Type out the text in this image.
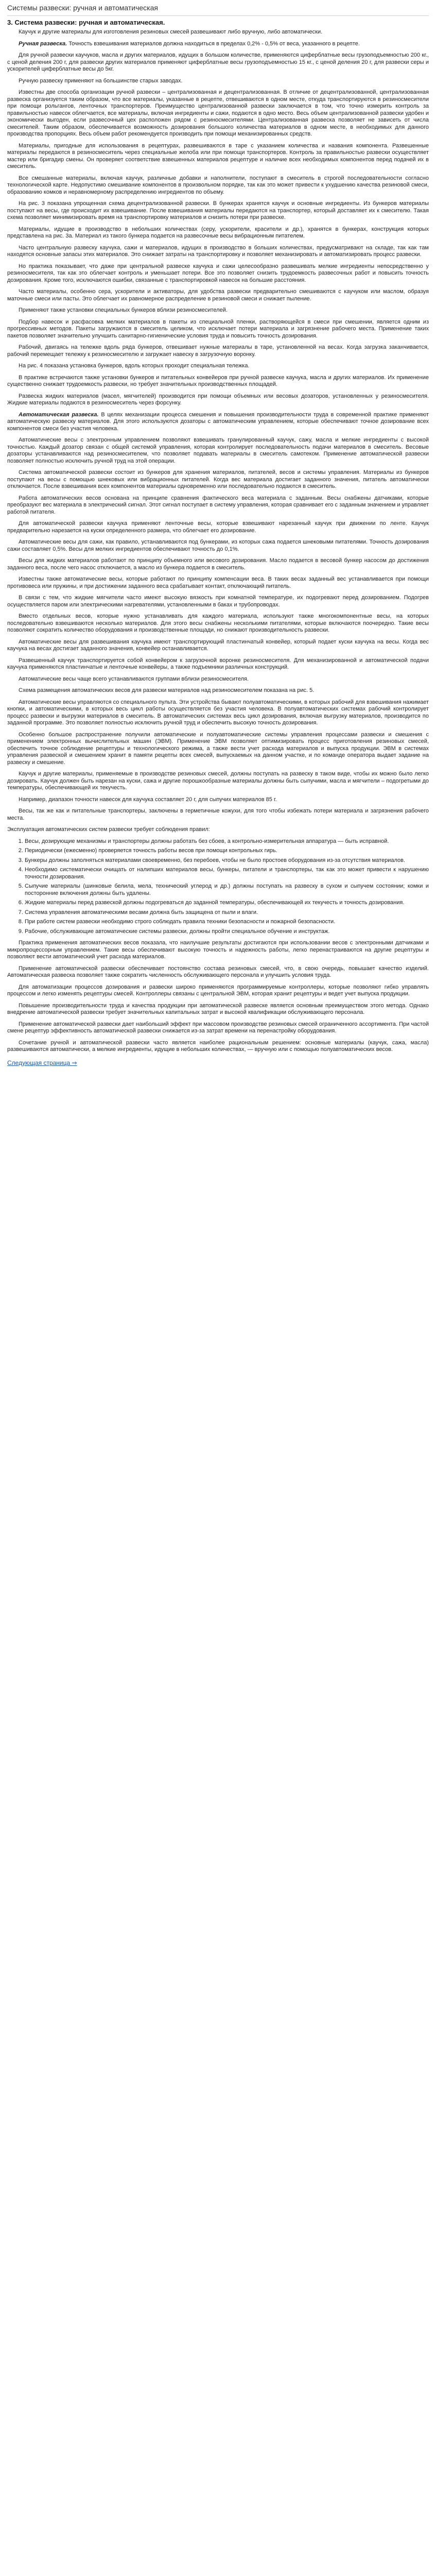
Системы развески: ручная и автоматическая
3. Система развески: ручная и автоматическая.

Каучук и другие материалы для изготовления резиновых смесей развешивают либо вручную, либо автоматически.

Ручная развеска. Точность взвешивания материалов должна находиться в пределах 0,2% - 0,5% от веса, указанного в рецепте.

Для ручной развески каучуков, масла и других материалов, идущих в большом количестве, применяются циферблатные весы грузоподъемностью 200 кг., с ценой деления 200 г, для развески других материалов применяют циферблатные весы грузоподъемностью 15 кг., с ценой деления 20 г, для развески серы и ускорителей циферблатные весы до 5кг.

Ручную развеску применяют на большинстве старых заводах.

Известны две способа организации ручной развески – централизованная и децентрализованная. В отличие от децентрализованной, централизованная развеска организуется таким образом, что все материалы, указанные в рецепте, отвешиваются в одном месте, откуда транспортируются в резиносмесители при помощи рольгангов, ленточных транспортеров. Преимущество централизованной развески заключается в том, что точно измерить контроль за правильностью навесок облегчается, все материалы, включая ингредиенты и сажи, подаются в одно место. Весь объем централизованной развески удобен и экономически выгоден, если развесочный цех расположен рядом с резиносмесителями. Централизованная развеска позволяет не зависеть от числа смесителей. Таким образом, обеспечивается возможность дозирования большого количества материалов в одном месте, в необходимых для данного производства пропорциях. Весь объем работ рекомендуется производить при помощи механизированных средств.

Материалы, пригодные для использования в рецептурах, развешиваются в таре с указанием количества и названия компонента. Развешенные материалы передаются в резиносмеситель через специальные желоба или при помощи транспортеров. Контроль за правильностью развески осуществляет мастер или бригадир смены. Он проверяет соответствие взвешенных материалов рецептуре и наличие всех необходимых компонентов перед подачей их в смеситель.

Все смешанные материалы, включая каучук, различные добавки и наполнители, поступают в смеситель в строгой последовательности согласно технологической карте. Недопустимо смешивание компонентов в произвольном порядке, так как это может привести к ухудшению качества резиновой смеси, образованию комков и неравномерному распределению ингредиентов по объему.

На рис. 3 показана упрощенная схема децентрализованной развески. В бункерах хранятся каучук и основные ингредиенты. Из бункеров материалы поступают на весы, где происходит их взвешивание. После взвешивания материалы передаются на транспортер, который доставляет их к смесителю. Такая схема позволяет минимизировать время на транспортировку материалов и снизить потери при развеске.

Материалы, идущие в производство в небольших количествах (серу, ускорители, красители и др.), хранятся в бункерах, конструкция которых представлена на рис. 3а. Материал из такого бункера подается на развесочные весы вибрационным питателем.

Часто центральную развеску каучука, сажи и материалов, идущих в производство в больших количествах, предусматривают на складе, так как там находятся основные запасы этих материалов. Это снижает затраты на транспортировку и позволяет механизировать и автоматизировать процесс развески.

Но практика показывает, что даже при центральной развеске каучука и сажи целесообразно развешивать мелкие ингредиенты непосредственно у резиносмесителя, так как это облегчает контроль и уменьшает потери. Все это позволяет снизить трудоемкость развесочных работ и повысить точность дозирования. Кроме того, исключаются ошибки, связанные с транспортировкой навесок на большие расстояния.

Часто материалы, особенно сера, ускорители и активаторы, для удобства развески предварительно смешиваются с каучуком или маслом, образуя маточные смеси или пасты. Это облегчает их равномерное распределение в резиновой смеси и снижает пыление.

Применяют также установки специальных бункеров вблизи резиносмесителей.

Подбор навесок и расфасовка мелких материалов в пакеты из специальной пленки, растворяющейся в смеси при смешении, является одним из прогрессивных методов. Пакеты загружаются в смеситель целиком, что исключает потери материала и загрязнение рабочего места. Применение таких пакетов позволяет значительно улучшить санитарно-гигиенические условия труда и повысить точность дозирования.

Рабочий, двигаясь на тележке вдоль ряда бункеров, отвешивает нужные материалы в таре, установленной на весах. Когда загрузка заканчивается, рабочий перемещает тележку к резиносмесителю и загружает навеску в загрузочную воронку.

На рис. 4 показана установка бункеров, вдоль которых проходит специальная тележка.

В практике встречаются также установки бункеров и питательных конвейеров при ручной развеске каучука, масла и других материалов. Их применение существенно снижает трудоемкость развески, но требует значительных производственных площадей.

Развеска жидких материалов (масел, мягчителей) производится при помощи объемных или весовых дозаторов, установленных у резиносмесителя. Жидкие материалы подаются в резиносмеситель через форсунку.

Автоматическая развеска. В целях механизации процесса смешения и повышения производительности труда в современной практике применяют автоматическую развеску материалов. Для этого используются дозаторы с автоматическим управлением, которые обеспечивают точное дозирование всех компонентов смеси без участия человека.

Автоматические весы с электронным управлением позволяют взвешивать гранулированный каучук, сажу, масла и мелкие ингредиенты с высокой точностью. Каждый дозатор связан с общей системой управления, которая контролирует последовательность подачи материалов в смеситель. Весовые дозаторы устанавливаются над резиносмесителем, что позволяет подавать материалы в смеситель самотеком. Применение автоматической развески позволяет полностью исключить ручной труд на этой операции.

Система автоматической развески состоит из бункеров для хранения материалов, питателей, весов и системы управления. Материалы из бункеров поступают на весы с помощью шнековых или вибрационных питателей. Когда вес материала достигает заданного значения, питатель автоматически отключается. После взвешивания всех компонентов материалы одновременно или последовательно подаются в смеситель.

Работа автоматических весов основана на принципе сравнения фактического веса материала с заданным. Весы снабжены датчиками, которые преобразуют вес материала в электрический сигнал. Этот сигнал поступает в систему управления, которая сравнивает его с заданным значением и управляет работой питателя.

Для автоматической развески каучука применяют ленточные весы, которые взвешивают нарезанный каучук при движении по ленте. Каучук предварительно нарезается на куски определенного размера, что облегчает его дозирование.

Автоматические весы для сажи, как правило, устанавливаются под бункерами, из которых сажа подается шнековыми питателями. Точность дозирования сажи составляет 0,5%. Весы для мелких ингредиентов обеспечивают точность до 0,1%.

Весы для жидких материалов работают по принципу объемного или весового дозирования. Масло подается в весовой бункер насосом до достижения заданного веса, после чего насос отключается, а масло из бункера подается в смеситель.

Известны также автоматические весы, которые работают по принципу компенсации веса. В таких весах заданный вес устанавливается при помощи противовеса или пружины, и при достижении заданного веса срабатывает контакт, отключающий питатель.

В связи с тем, что жидкие мягчители часто имеют высокую вязкость при комнатной температуре, их подогревают перед дозированием. Подогрев осуществляется паром или электрическими нагревателями, установленными в баках и трубопроводах.

Вместо отдельных весов, которые нужно устанавливать для каждого материала, используют также многокомпонентные весы, на которых последовательно взвешиваются несколько материалов. Для этого весы снабжены несколькими питателями, которые включаются поочередно. Такие весы позволяют сократить количество оборудования и производственные площади, но снижают производительность развески.

Автоматические весы для развешивания каучука имеют транспортирующий пластинчатый конвейер, который подает куски каучука на весы. Когда вес каучука на весах достигает заданного значения, конвейер останавливается.

Развешенный каучук транспортируется собой конвейером к загрузочной воронке резиносмесителя. Для механизированной и автоматической подачи каучука применяются пластинчатые и ленточные конвейеры, а также подъемники различных конструкций.

Автоматические весы чаще всего устанавливаются группами вблизи резиносмесителя.

Схема размещения автоматических весов для развески материалов над резиносмесителем показана на рис. 5.

Автоматические весы управляются со специального пульта. Эти устройства бывают полуавтоматическими, в которых рабочий для взвешивания нажимает кнопки, и автоматическими, в которых весь цикл работы осуществляется без участия человека. В полуавтоматических системах рабочий контролирует процесс развески и выгрузки материалов в смеситель. В автоматических системах весь цикл дозирования, включая выгрузку материалов, производится по заданной программе. Это позволяет полностью исключить ручной труд и обеспечить высокую точность дозирования.

Особенно большое распространение получили автоматические и полуавтоматические системы управления процессами развески и смешения с применением электронных вычислительных машин (ЭВМ). Применение ЭВМ позволяет оптимизировать процесс приготовления резиновых смесей, обеспечить точное соблюдение рецептуры и технологического режима, а также вести учет расхода материалов и выпуска продукции. ЭВМ в системах управления развеской и смешением хранит в памяти рецепты всех смесей, выпускаемых на данном участке, и по команде оператора выдает задание на развеску и смешение.

Каучук и другие материалы, применяемые в производстве резиновых смесей, должны поступать на развеску в таком виде, чтобы их можно было легко дозировать. Каучук должен быть нарезан на куски, сажа и другие порошкообразные материалы должны быть сыпучими, масла и мягчители – подогретыми до температуры, обеспечивающей их текучесть.

Например, диапазон точности навесок для каучука составляет 20 г, для сыпучих материалов 85 г.

Весы, так же как и питательные транспортеры, заключены в герметичные кожухи, для того чтобы избежать потери материала и загрязнения рабочего места.

Эксплуатация автоматических систем развески требует соблюдения правил:
1. Весы, дозирующие механизмы и транспортеры должны работать без сбоев, а контрольно-измерительная аппаратура — быть исправной.
2. Периодически (ежесменно) проверяется точность работы весов при помощи контрольных гирь.
3. Бункеры должны заполняться материалами своевременно, без перебоев, чтобы не было простоев оборудования из-за отсутствия материалов.
4. Необходимо систематически очищать от налипших материалов весы, бункеры, питатели и транспортеры, так как это может привести к нарушению точности дозирования.
5. Сыпучие материалы (шинковые белила, мела, технический углерод и др.) должны поступать на развеску в сухом и сыпучем состоянии; комки и посторонние включения должны быть удалены.
6. Жидкие материалы перед развеской должны подогреваться до заданной температуры, обеспечивающей их текучесть и точность дозирования.
7. Система управления автоматическими весами должна быть защищена от пыли и влаги.
8. При работе систем развески необходимо строго соблюдать правила техники безопасности и пожарной безопасности.
9. Рабочие, обслуживающие автоматические системы развески, должны пройти специальное обучение и инструктаж.

Практика применения автоматических весов показала, что наилучшие результаты достигаются при использовании весов с электронными датчиками и микропроцессорным управлением. Такие весы обеспечивают высокую точность и надежность работы, легко перенастраиваются на другие рецептуры и позволяют вести автоматический учет расхода материалов.

Применение автоматической развески обеспечивает постоянство состава резиновых смесей, что, в свою очередь, повышает качество изделий. Автоматическая развеска позволяет также сократить численность обслуживающего персонала и улучшить условия труда.

Для автоматизации процессов дозирования и развески широко применяются программируемые контроллеры, которые позволяют гибко управлять процессом и легко изменять рецептуры смесей. Контроллеры связаны с центральной ЭВМ, которая хранит рецептуры и ведет учет выпуска продукции.

Повышение производительности труда и качества продукции при автоматической развеске является основным преимуществом этого метода. Однако внедрение автоматической развески требует значительных капитальных затрат и высокой квалификации обслуживающего персонала.

Применение автоматической развески дает наибольший эффект при массовом производстве резиновых смесей ограниченного ассортимента. При частой смене рецептур эффективность автоматической развески снижается из-за затрат времени на перенастройку оборудования.

Сочетание ручной и автоматической развески часто является наиболее рациональным решением: основные материалы (каучук, сажа, масла) развешиваются автоматически, а мелкие ингредиенты, идущие в небольших количествах, — вручную или с помощью полуавтоматических весов.

Следующая страница ⇒
